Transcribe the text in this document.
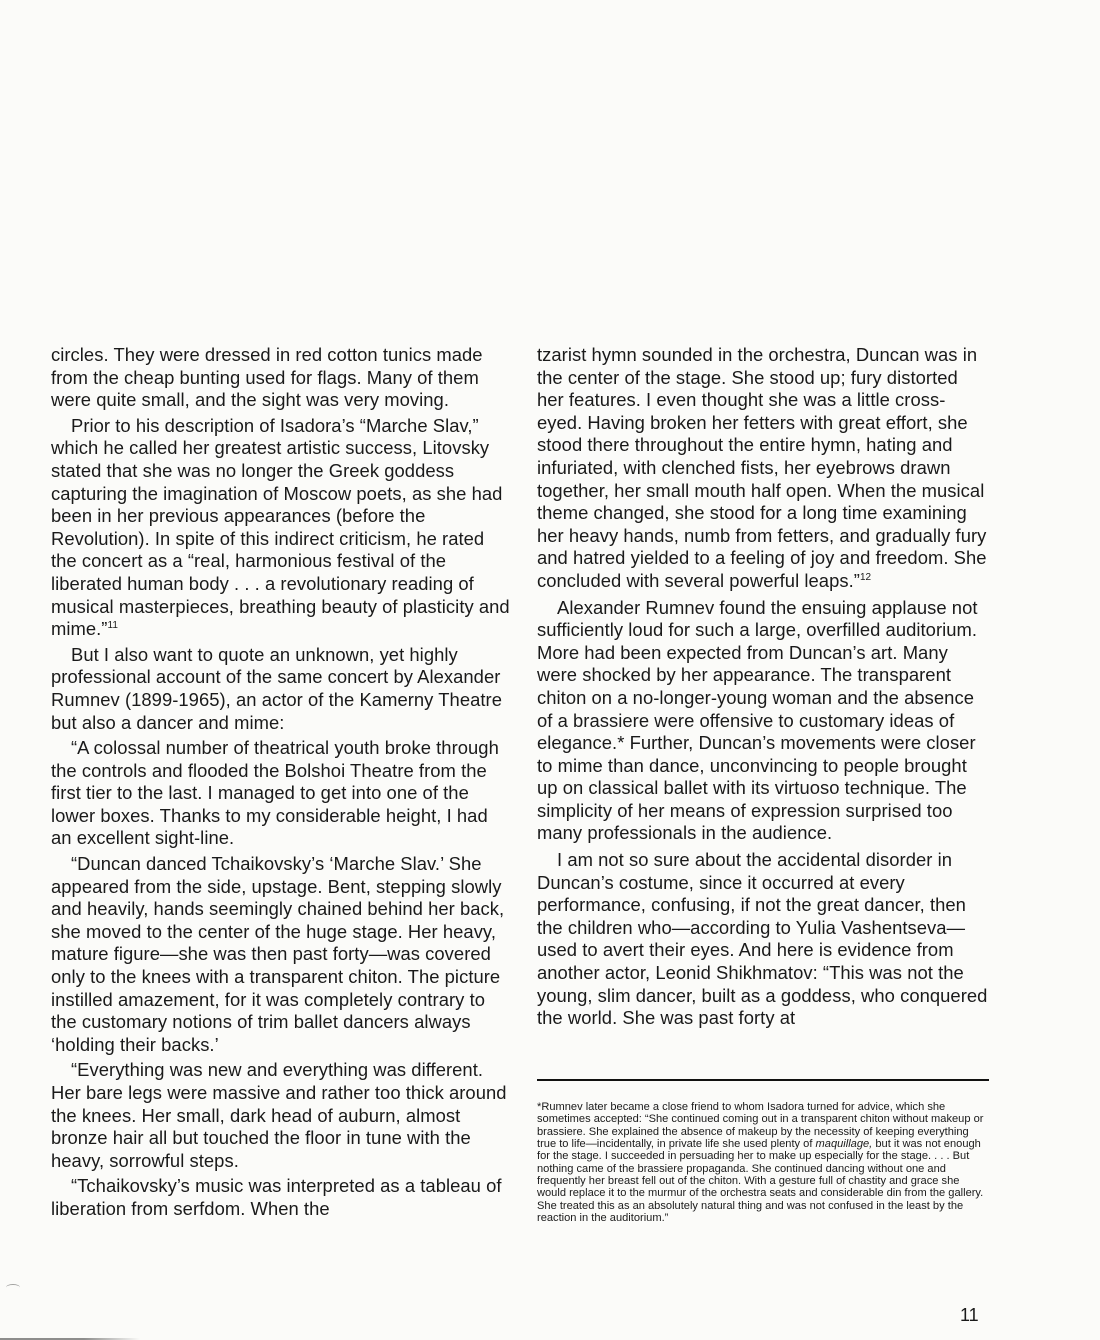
circles. They were dressed in red cotton tunics made from the cheap bunting used for flags. Many of them were quite small, and the sight was very moving.

Prior to his description of Isadora’s “Marche Slav,” which he called her greatest artistic success, Litovsky stated that she was no longer the Greek goddess capturing the imagination of Moscow poets, as she had been in her previous appearances (before the Revolution). In spite of this indirect criticism, he rated the concert as a “real, harmonious festival of the liberated human body . . . a revolutionary reading of musical masterpieces, breathing beauty of plasticity and mime.”$^{11}$

But I also want to quote an unknown, yet highly professional account of the same concert by Alexander Rumnev (1899-1965), an actor of the Kamerny Theatre but also a dancer and mime:

“A colossal number of theatrical youth broke through the controls and flooded the Bolshoi Theatre from the first tier to the last. I managed to get into one of the lower boxes. Thanks to my considerable height, I had an excellent sight-line.

“Duncan danced Tchaikovsky’s ‘Marche Slav.’ She appeared from the side, upstage. Bent, stepping slowly and heavily, hands seemingly chained behind her back, she moved to the center of the huge stage. Her heavy, mature figure—she was then past forty—was covered only to the knees with a transparent chiton. The picture instilled amazement, for it was completely contrary to the customary notions of trim ballet dancers always ‘holding their backs.’

“Everything was new and everything was different. Her bare legs were massive and rather too thick around the knees. Her small, dark head of auburn, almost bronze hair all but touched the floor in tune with the heavy, sorrowful steps.

“Tchaikovsky’s music was interpreted as a tableau of liberation from serfdom. When the

tzarist hymn sounded in the orchestra, Duncan was in the center of the stage. She stood up; fury distorted her features. I even thought she was a little cross-eyed. Having broken her fetters with great effort, she stood there throughout the entire hymn, hating and infuriated, with clenched fists, her eyebrows drawn together, her small mouth half open. When the musical theme changed, she stood for a long time examining her heavy hands, numb from fetters, and gradually fury and hatred yielded to a feeling of joy and freedom. She concluded with several powerful leaps.”$^{12}$

Alexander Rumnev found the ensuing applause not sufficiently loud for such a large, overfilled auditorium. More had been expected from Duncan’s art. Many were shocked by her appearance. The transparent chiton on a no-longer-young woman and the absence of a brassiere were offensive to customary ideas of elegance.* Further, Duncan’s movements were closer to mime than dance, unconvincing to people brought up on classical ballet with its virtuoso technique. The simplicity of her means of expression surprised too many professionals in the audience.

I am not so sure about the accidental disorder in Duncan’s costume, since it occurred at every performance, confusing, if not the great dancer, then the children who—according to Yulia Vashentseva—used to avert their eyes. And here is evidence from another actor, Leonid Shikhmatov: “This was not the young, slim dancer, built as a goddess, who conquered the world. She was past forty at

*Rumnev later became a close friend to whom Isadora turned for advice, which she sometimes accepted: “She continued coming out in a transparent chiton without makeup or brassiere. She explained the absence of makeup by the necessity of keeping everything true to life—incidentally, in private life she used plenty of maquillage, but it was not enough for the stage. I succeeded in persuading her to make up especially for the stage. . . . But nothing came of the brassiere propaganda. She continued dancing without one and frequently her breast fell out of the chiton. With a gesture full of chastity and grace she would replace it to the murmur of the orchestra seats and considerable din from the gallery. She treated this as an absolutely natural thing and was not confused in the least by the reaction in the auditorium.”
11
